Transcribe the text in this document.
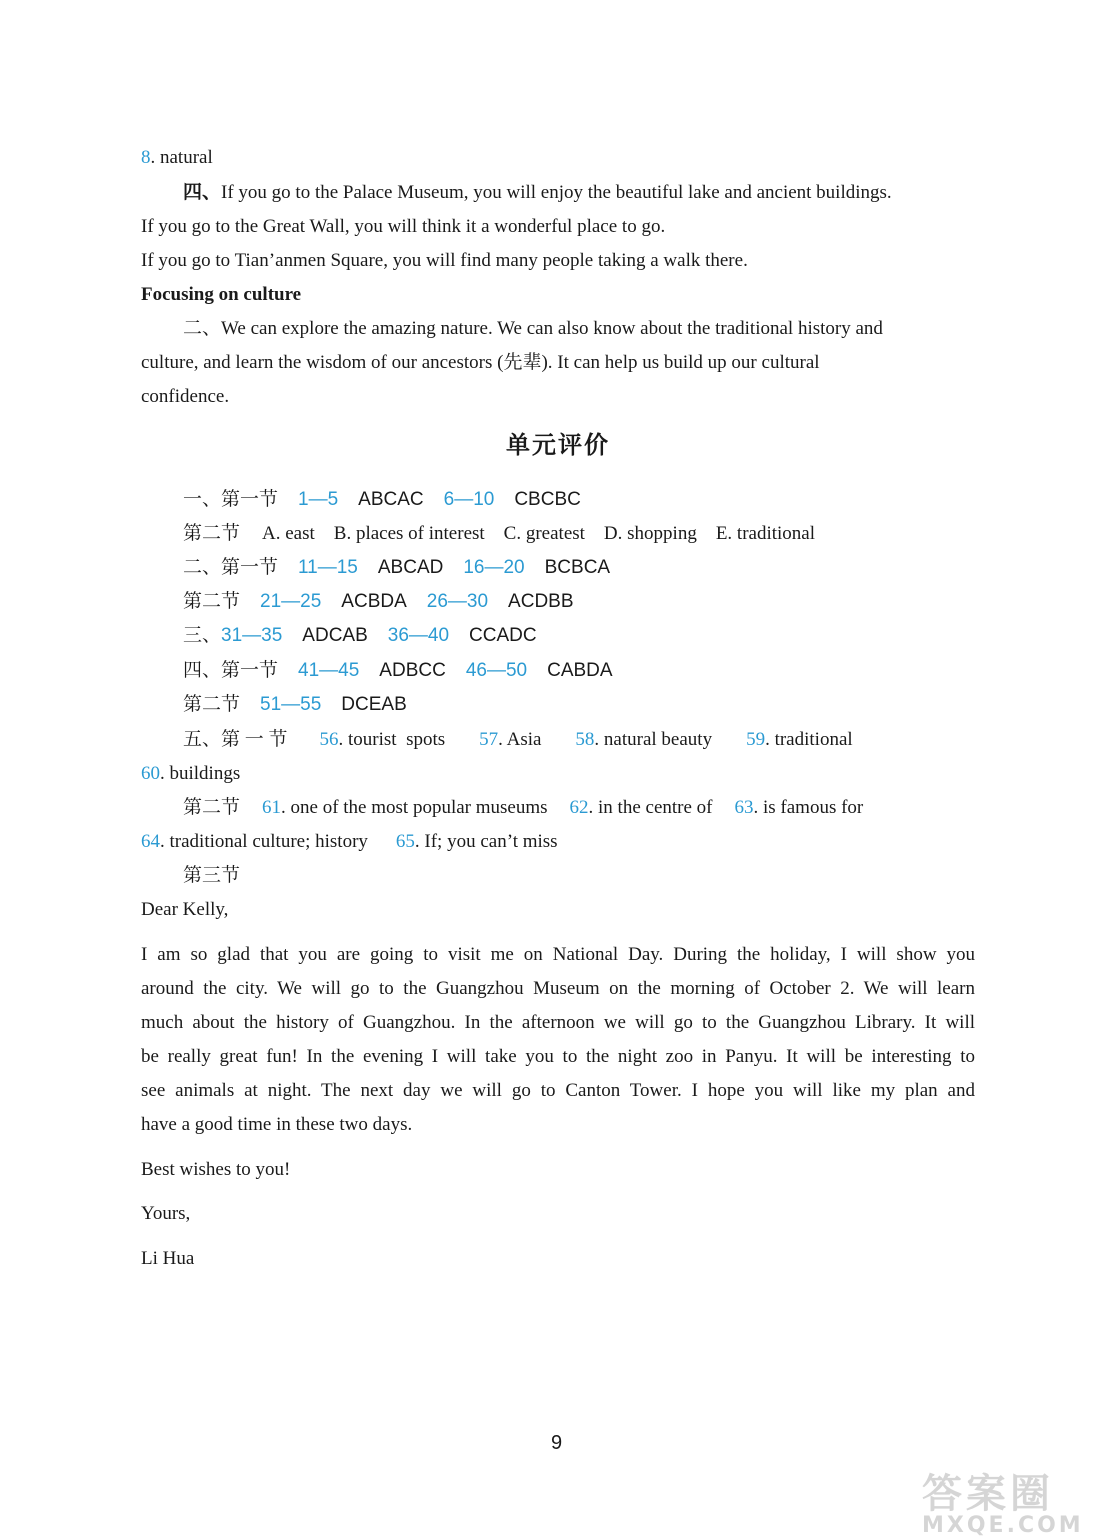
8. natural
四、If you go to the Palace Museum, you will enjoy the beautiful lake and ancient buildings.
If you go to the Great Wall, you will think it a wonderful place to go.
If you go to Tian’anmen Square, you will find many people taking a walk there.
Focusing on culture
二、We can explore the amazing nature. We can also know about the traditional history and
culture, and learn the wisdom of our ancestors (先辈). It can help us build up our cultural
confidence.
单元评价
一、第一节 1—5 ABCAC 6—10 CBCBC
第二节 A. east    B. places of interest    C. greatest    D. shopping    E. traditional
二、第一节 11—15 ABCAD 16—20 BCBCA
第二节 21—25 ACBDA 26—30 ACDBB
三、31—35 ADCAB 36—40 CCADC
四、第一节 41—45 ADBCC 46—50 CABDA
第二节 51—55 DCEAB
五、第 一 节 56. tourist  spots 57. Asia 58. natural beauty 59. traditional
60. buildings
第二节 61. one of the most popular museums 62. in the centre of 63. is famous for
64. traditional culture; history 65. If; you can’t miss
第三节
Dear Kelly,
I am so glad that you are going to visit me on National Day. During the holiday, I will show you
around the city. We will go to the Guangzhou Museum on the morning of October 2. We will learn
much about the history of Guangzhou. In the afternoon we will go to the Guangzhou Library. It will
be really great fun! In the evening I will take you to the night zoo in Panyu. It will be interesting to
see animals at night. The next day we will go to Canton Tower. I hope you will like my plan and
have a good time in these two days.
Best wishes to you!
Yours,
Li Hua
9
答案圈
MXQE.COM
